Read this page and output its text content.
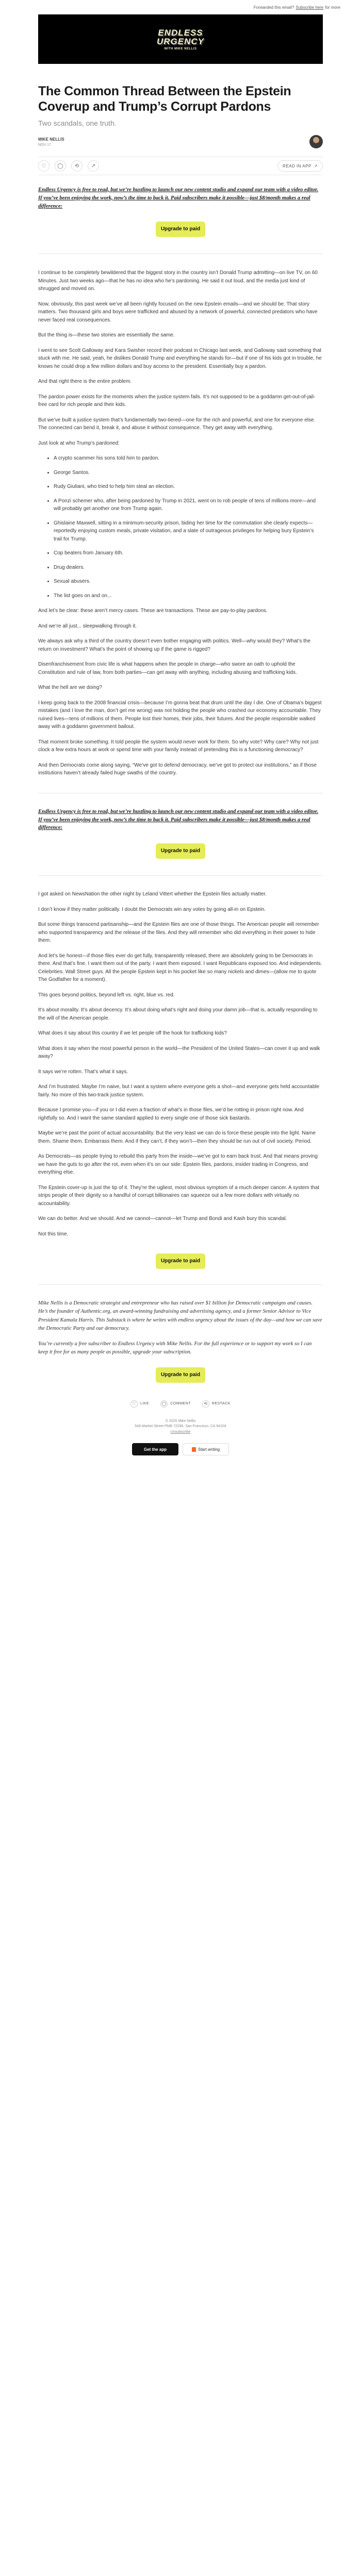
Forwarded this email? Subscribe here for more
ENDLESS
URGENCY
WITH MIKE NELLIS
The Common Thread Between the Epstein Coverup and Trump’s Corrupt Pardons
Two scandals, one truth.
MIKE NELLIS
NOV 17
♡	◯	⟲	↗	READ IN APP ↗

Endless Urgency is free to read, but we’re hustling to launch our new content studio and expand our team with a video editor. If you’ve been enjoying the work, now’s the time to back it. Paid subscribers make it possible—just $8/month makes a real difference:

Upgrade to paid

I continue to be completely bewildered that the biggest story in the country isn’t Donald Trump admitting—on live TV, on 60 Minutes. Just two weeks ago—that he has no idea who he’s pardoning. He said it out loud, and the media just kind of shrugged and moved on.

Now, obviously, this past week we’ve all been rightly focused on the new Epstein emails—and we should be. That story matters. Two thousand girls and boys were trafficked and abused by a network of powerful, connected predators who have never faced real consequences.

But the thing is—these two stories are essentially the same.

I went to see Scott Galloway and Kara Swisher record their podcast in Chicago last week, and Galloway said something that stuck with me. He said, yeah, he dislikes Donald Trump and everything he stands for—but if one of his kids got in trouble, he knows he could drop a few million dollars and buy access to the president. Essentially buy a pardon.

And that right there is the entire problem.

The pardon power exists for the moments when the justice system fails. It’s not supposed to be a goddamn get-out-of-jail-free card for rich people and their kids.

But we’ve built a justice system that’s fundamentally two-tiered—one for the rich and powerful, and one for everyone else. The connected can bend it, break it, and abuse it without consequence. They get away with everything.

Just look at who Trump’s pardoned:

• A crypto scammer his sons told him to pardon.
• George Santos.
• Rudy Giuliani, who tried to help him steal an election.
• A Ponzi schemer who, after being pardoned by Trump in 2021, went on to rob people of tens of millions more—and will probably get another one from Trump again.
• Ghislaine Maxwell, sitting in a minimum-security prison, biding her time for the commutation she clearly expects—reportedly enjoying custom meals, private visitation, and a slate of outrageous privileges for helping bury Epstein’s trail for Trump.
• Cop beaters from January 6th.
• Drug dealers.
• Sexual abusers.
• The list goes on and on...

And let’s be clear: these aren’t mercy cases. These are transactions. These are pay-to-play pardons.

And we’re all just... sleepwalking through it.

We always ask why a third of the country doesn’t even bother engaging with politics. Well—why would they? What’s the return on investment? What’s the point of showing up if the game is rigged?

Disenfranchisement from civic life is what happens when the people in charge—who swore an oath to uphold the Constitution and rule of law, from both parties—can get away with anything, including abusing and trafficking kids.

What the hell are we doing?

I keep going back to the 2008 financial crisis—because I’m gonna beat that drum until the day I die. One of Obama’s biggest mistakes (and I love the man, don’t get me wrong) was not holding the people who crashed our economy accountable. They ruined lives—tens of millions of them. People lost their homes, their jobs, their futures. And the people responsible walked away with a goddamn government bailout.

That moment broke something. It told people the system would never work for them. So why vote? Why care? Why not just clock a few extra hours at work or spend time with your family instead of pretending this is a functioning democracy?

And then Democrats come along saying, “We’ve got to defend democracy, we’ve got to protect our institutions,” as if those institutions haven’t already failed huge swaths of the country.

Endless Urgency is free to read, but we’re hustling to launch our new content studio and expand our team with a video editor. If you’ve been enjoying the work, now’s the time to back it. Paid subscribers make it possible—just $8/month makes a real difference:

Upgrade to paid

I got asked on NewsNation the other night by Leland Vittert whether the Epstein files actually matter.

I don’t know if they matter politically. I doubt the Democrats win any votes by going all-in on Epstein.

But some things transcend partisanship—and the Epstein files are one of those things. The American people will remember who supported transparency and the release of the files. And they will remember who did everything in their power to hide them.

And let’s be honest—if those files ever do get fully, transparently released, there are absolutely going to be Democrats in there. And that’s fine. I want them out of the party. I want them exposed. I want Republicans exposed too. And independents. Celebrities. Wall Street guys. All the people Epstein kept in his pocket like so many nickels and dimes—(allow me to quote The Godfather for a moment).

This goes beyond politics, beyond left vs. right, blue vs. red.

It’s about morality. It’s about decency. It’s about doing what’s right and doing your damn job—that is, actually responding to the will of the American people.

What does it say about this country if we let people off the hook for trafficking kids?

What does it say when the most powerful person in the world—the President of the United States—can cover it up and walk away?

It says we’re rotten. That’s what it says.

And I’m frustrated. Maybe I’m naive, but I want a system where everyone gets a shot—and everyone gets held accountable fairly. No more of this two-track justice system.

Because I promise you—if you or I did even a fraction of what’s in those files, we’d be rotting in prison right now. And rightfully so. And I want the same standard applied to every single one of those sick bastards.

Maybe we’re past the point of actual accountability. But the very least we can do is force these people into the light. Name them. Shame them. Embarrass them. And if they can’t, if they won’t—then they should be run out of civil society. Period.

As Democrats—as people trying to rebuild this party from the inside—we’ve got to earn back trust. And that means proving we have the guts to go after the rot, even when it’s on our side: Epstein files, pardons, insider trading in Congress, and everything else.

The Epstein cover-up is just the tip of it. They’re the ugliest, most obvious symptom of a much deeper cancer. A system that strips people of their dignity so a handful of corrupt billionaires can squeeze out a few more dollars with virtually no accountability.

We can do better. And we should. And we cannot—cannot—let Trump and Bondi and Kash bury this scandal.

Not this time.

Upgrade to paid

Mike Nellis is a Democratic strategist and entrepreneur who has raised over $1 billion for Democratic campaigns and causes. He’s the founder of Authentic.org, an award-winning fundraising and advertising agency, and a former Senior Advisor to Vice President Kamala Harris. This Substack is where he writes with endless urgency about the issues of the day—and how we can save the Democratic Party and our democracy.

You’re currently a free subscriber to Endless Urgency with Mike Nellis. For the full experience or to support my work so I can keep it free for as many people as possible, upgrade your subscription.

Upgrade to paid
♡	LIKE	◯	COMMENT	⟲	RESTACK
© 2025 Mike Nellis
548 Market Street PMB 72296, San Francisco, CA 94104
Unsubscribe
Get the app	Start writing
